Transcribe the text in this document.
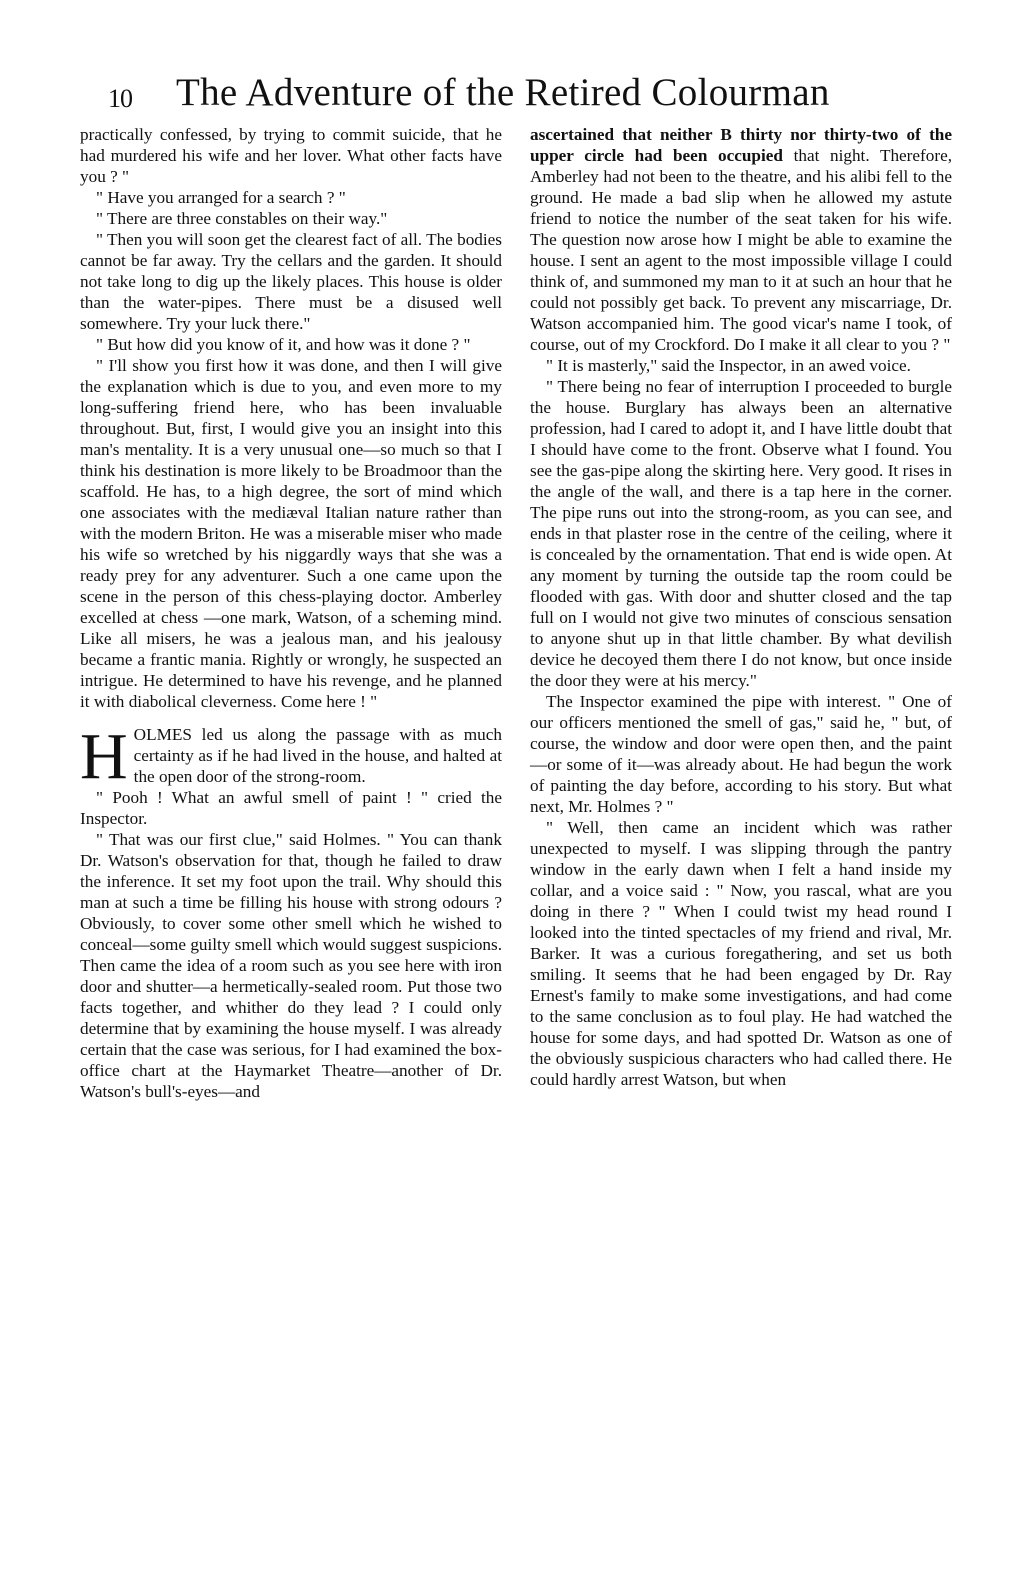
10 The Adventure of the Retired Colourman

practically confessed, by trying to commit suicide, that he had murdered his wife and her lover. What other facts have you ? "

" Have you arranged for a search ? "

" There are three constables on their way."

" Then you will soon get the clearest fact of all. The bodies cannot be far away. Try the cellars and the garden. It should not take long to dig up the likely places. This house is older than the water-pipes. There must be a disused well somewhere. Try your luck there."

" But how did you know of it, and how was it done ? "

" I'll show you first how it was done, and then I will give the explanation which is due to you, and even more to my long-suffering friend here, who has been invaluable throughout. But, first, I would give you an insight into this man's mentality. It is a very unusual one—so much so that I think his destination is more likely to be Broadmoor than the scaffold. He has, to a high degree, the sort of mind which one associates with the mediæval Italian nature rather than with the modern Briton. He was a miserable miser who made his wife so wretched by his niggardly ways that she was a ready prey for any adventurer. Such a one came upon the scene in the person of this chess-playing doctor. Amberley excelled at chess —one mark, Watson, of a scheming mind. Like all misers, he was a jealous man, and his jealousy became a frantic mania. Rightly or wrongly, he suspected an intrigue. He determined to have his revenge, and he planned it with diabolical cleverness. Come here ! "

HOLMES led us along the passage with as much certainty as if he had lived in the house, and halted at the open door of the strong-room.

" Pooh ! What an awful smell of paint ! " cried the Inspector.

" That was our first clue," said Holmes. " You can thank Dr. Watson's observation for that, though he failed to draw the inference. It set my foot upon the trail. Why should this man at such a time be filling his house with strong odours ? Obviously, to cover some other smell which he wished to conceal—some guilty smell which would suggest suspicions. Then came the idea of a room such as you see here with iron door and shutter—a hermetically-sealed room. Put those two facts together, and whither do they lead ? I could only determine that by examining the house myself. I was already certain that the case was serious, for I had examined the box-office chart at the Haymarket Theatre—another of Dr. Watson's bull's-eyes—and

ascertained that neither B thirty nor thirty-two of the upper circle had been occupied that night. Therefore, Amberley had not been to the theatre, and his alibi fell to the ground. He made a bad slip when he allowed my astute friend to notice the number of the seat taken for his wife. The question now arose how I might be able to examine the house. I sent an agent to the most impossible village I could think of, and summoned my man to it at such an hour that he could not possibly get back. To prevent any miscarriage, Dr. Watson accompanied him. The good vicar's name I took, of course, out of my Crockford. Do I make it all clear to you ? "

" It is masterly," said the Inspector, in an awed voice.

" There being no fear of interruption I proceeded to burgle the house. Burglary has always been an alternative profession, had I cared to adopt it, and I have little doubt that I should have come to the front. Observe what I found. You see the gas-pipe along the skirting here. Very good. It rises in the angle of the wall, and there is a tap here in the corner. The pipe runs out into the strong-room, as you can see, and ends in that plaster rose in the centre of the ceiling, where it is concealed by the ornamentation. That end is wide open. At any moment by turning the outside tap the room could be flooded with gas. With door and shutter closed and the tap full on I would not give two minutes of conscious sensation to anyone shut up in that little chamber. By what devilish device he decoyed them there I do not know, but once inside the door they were at his mercy."

The Inspector examined the pipe with interest. " One of our officers mentioned the smell of gas," said he, " but, of course, the window and door were open then, and the paint—or some of it—was already about. He had begun the work of painting the day before, according to his story. But what next, Mr. Holmes ? "

" Well, then came an incident which was rather unexpected to myself. I was slipping through the pantry window in the early dawn when I felt a hand inside my collar, and a voice said : " Now, you rascal, what are you doing in there ? " When I could twist my head round I looked into the tinted spectacles of my friend and rival, Mr. Barker. It was a curious foregathering, and set us both smiling. It seems that he had been engaged by Dr. Ray Ernest's family to make some investigations, and had come to the same conclusion as to foul play. He had watched the house for some days, and had spotted Dr. Watson as one of the obviously suspicious characters who had called there. He could hardly arrest Watson, but when
